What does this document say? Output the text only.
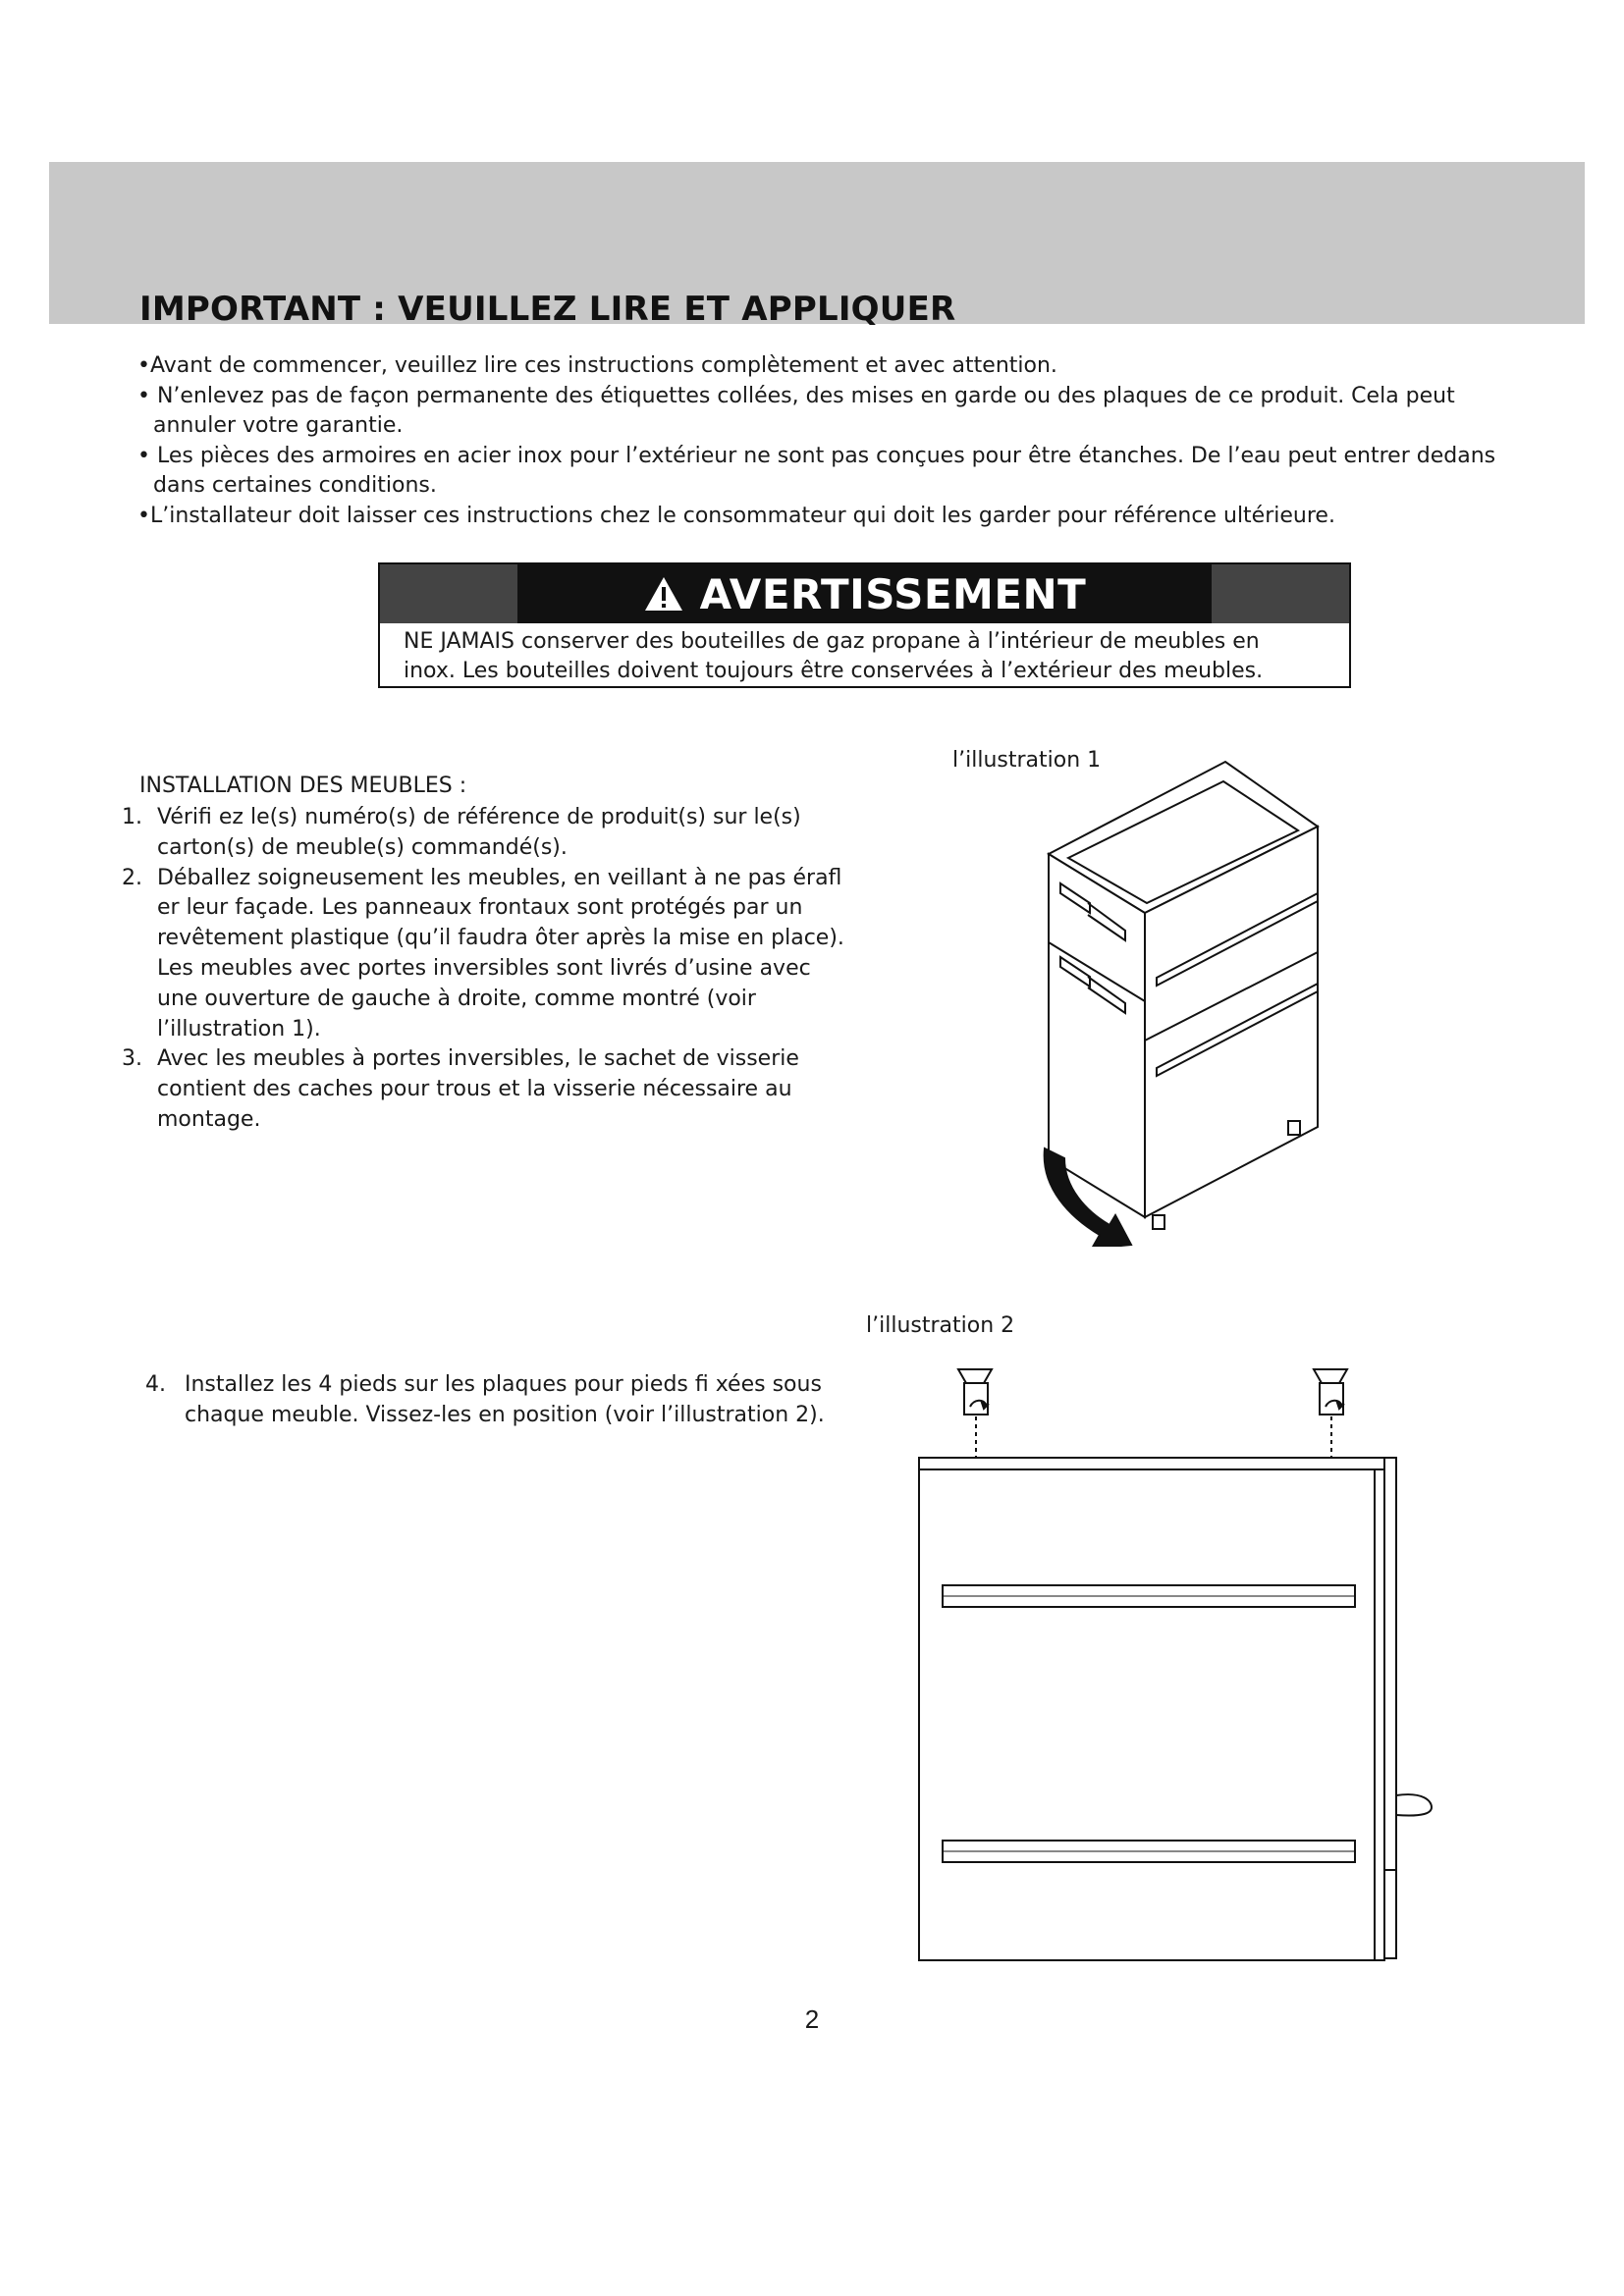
IMPORTANT : VEUILLEZ LIRE ET APPLIQUER
•Avant de commencer, veuillez lire ces instructions complètement et avec attention.
• N’enlevez pas de façon permanente des étiquettes collées, des mises en garde ou des plaques de ce produit. Cela peut annuler votre garantie.
• Les pièces des armoires en acier inox pour l’extérieur ne sont pas conçues pour être étanches. De l’eau peut entrer dedans dans certaines conditions.
•L’installateur doit laisser ces instructions chez le consommateur qui doit les garder pour référence ultérieure.
AVERTISSEMENT
NE JAMAIS conserver des bouteilles de gaz propane à l’intérieur de meubles en
inox. Les bouteilles doivent toujours être conservées à l’extérieur des meubles.
INSTALLATION DES MEUBLES :
1. Vérifi ez le(s) numéro(s) de référence de produit(s) sur le(s) carton(s) de meuble(s) commandé(s).
2. Déballez soigneusement les meubles, en veillant à ne pas érafl er leur façade. Les panneaux frontaux sont protégés par un revêtement plastique (qu’il faudra ôter après la mise en place). Les meubles avec portes inversibles sont livrés d’usine avec une ouverture de gauche à droite, comme montré (voir l’illustration 1).
3. Avec les meubles à portes inversibles, le sachet de visserie contient des caches pour trous et la visserie nécessaire au montage.
4. Installez les 4 pieds sur les plaques pour pieds fi xées sous chaque meuble. Vissez-les en position (voir l’illustration 2).
l’illustration 1
l’illustration 2
2
